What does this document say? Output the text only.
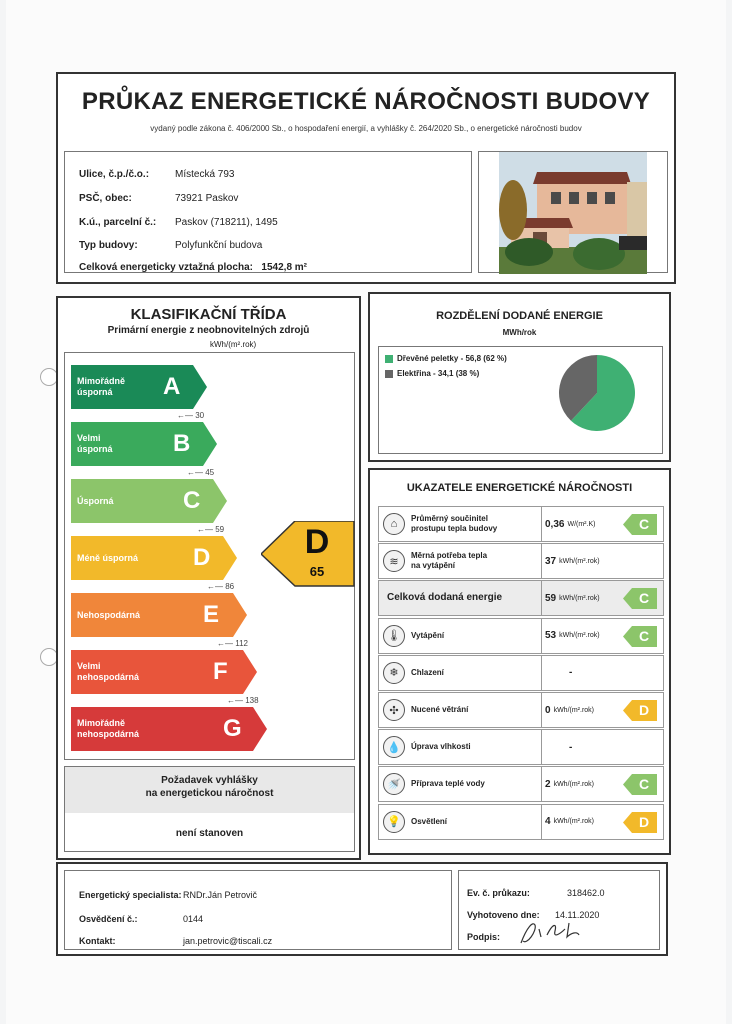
PRŮKAZ ENERGETICKÉ NÁROČNOSTI BUDOVY
vydaný podle zákona č. 406/2000 Sb., o hospodaření energií, a vyhlášky č. 264/2020 Sb., o energetické náročnosti budov
Ulice, č.p./č.o.:	Místecká 793
PSČ, obec:	73921 Paskov
K.ú., parcelní č.: Paskov (718211), 1495
Typ budovy:	Polyfunkční budova
Celková energeticky vztažná plocha: 1542,8 m²
KLASIFIKAČNÍ TŘÍDA
Primární energie z neobnovitelných zdrojů
kWh/(m².rok)
Mimořádně
úsporná	A
Velmi
úsporná	B
Úsporná	C
Méně úsporná	D
Nehospodárná	E
Velmi
nehospodárná	F
Mimořádně
nehospodárná	G
←— 30
←— 45
←— 59
←— 86
←— 112
←— 138
D
65
Požadavek vyhlášky
na energetickou náročnost
není stanoven
ROZDĚLENÍ DODANÉ ENERGIE
MWh/rok
Dřevěné peletky - 56,8 (62 %)
Elektřina - 34,1 (38 %)
UKAZATELE ENERGETICKÉ NÁROČNOSTI
⌂	Průměrný součinitel
prostupu tepla budovy	0,36 W/(m².K)	C
≋	Měrná potřeba tepla
na vytápění	37 kWh/(m².rok)
Celková dodaná energie	59 kWh/(m².rok)	C
🌡	Vytápění	53 kWh/(m².rok)	C
❄	Chlazení	-
✣	Nucené větrání	0 kWh/(m².rok)	D
💧	Úprava vlhkosti	-
🚿	Příprava teplé vody	2 kWh/(m².rok)	C
💡	Osvětlení	4 kWh/(m².rok)	D
Energetický specialista: RNDr.Ján Petrovič
Osvědčení č.:	0144
Kontakt:	jan.petrovic@tiscali.cz
Ev. č. průkazu:	318462.0
Vyhotoveno dne: 14.11.2020
Podpis:
